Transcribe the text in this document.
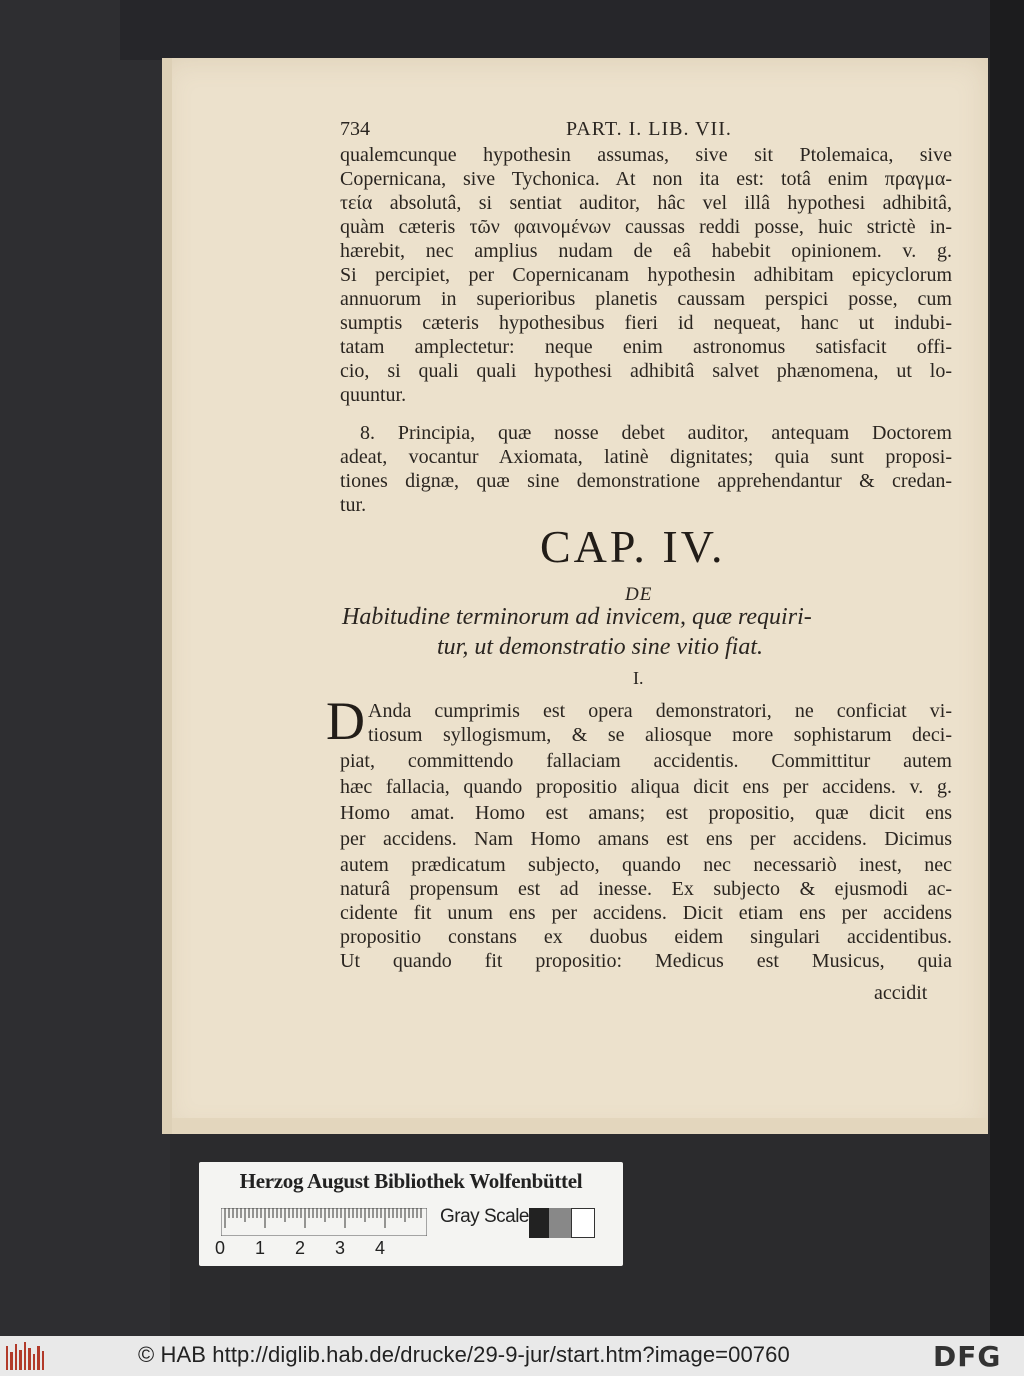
734	PART. I. LIB. VII.
qualemcunque hypothesin assumas, sive sit Ptolemaica, sive
Copernicana, sive Tychonica. At non ita est: totâ enim πραγμα-
τεία absolutâ, si sentiat auditor, hâc vel illâ hypothesi adhibitâ,
quàm cæteris τῶν φαινομένων caussas reddi posse, huic strictè in-
hærebit, nec amplius nudam de eâ habebit opinionem. v. g.
Si percipiet, per Copernicanam hypothesin adhibitam epicyclorum
annuorum in superioribus planetis caussam perspici posse, cum
sumptis cæteris hypothesibus fieri id nequeat, hanc ut indubi-
tatam amplectetur: neque enim astronomus satisfacit offi-
cio, si quali quali hypothesi adhibitâ salvet phænomena, ut lo-
quuntur.
8. Principia, quæ nosse debet auditor, antequam Doctorem
adeat, vocantur Axiomata, latinè dignitates; quia sunt proposi-
tiones dignæ, quæ sine demonstratione apprehendantur & credan-
tur.
CAP. IV.
DE
Habitudine terminorum ad invicem, quæ requiri-
tur, ut demonstratio sine vitio fiat.
I.
D Anda cumprimis est opera demonstratori, ne conficiat vi-
tiosum syllogismum, & se aliosque more sophistarum deci-
piat, committendo fallaciam accidentis. Committitur autem
hæc fallacia, quando propositio aliqua dicit ens per accidens. v. g.
Homo amat. Homo est amans; est propositio, quæ dicit ens
per accidens. Nam Homo amans est ens per accidens. Dicimus
autem prædicatum subjecto, quando nec necessariò inest, nec
naturâ propensum est ad inesse. Ex subjecto & ejusmodi ac-
cidente fit unum ens per accidens. Dicit etiam ens per accidens
propositio constans ex duobus eidem singulari accidentibus.
Ut quando fit propositio: Medicus est Musicus, quia
accidit
Herzog August Bibliothek Wolfenbüttel
0 1 2 3 4
Gray Scale
© HAB http://diglib.hab.de/drucke/29-9-jur/start.htm?image=00760	DFG
